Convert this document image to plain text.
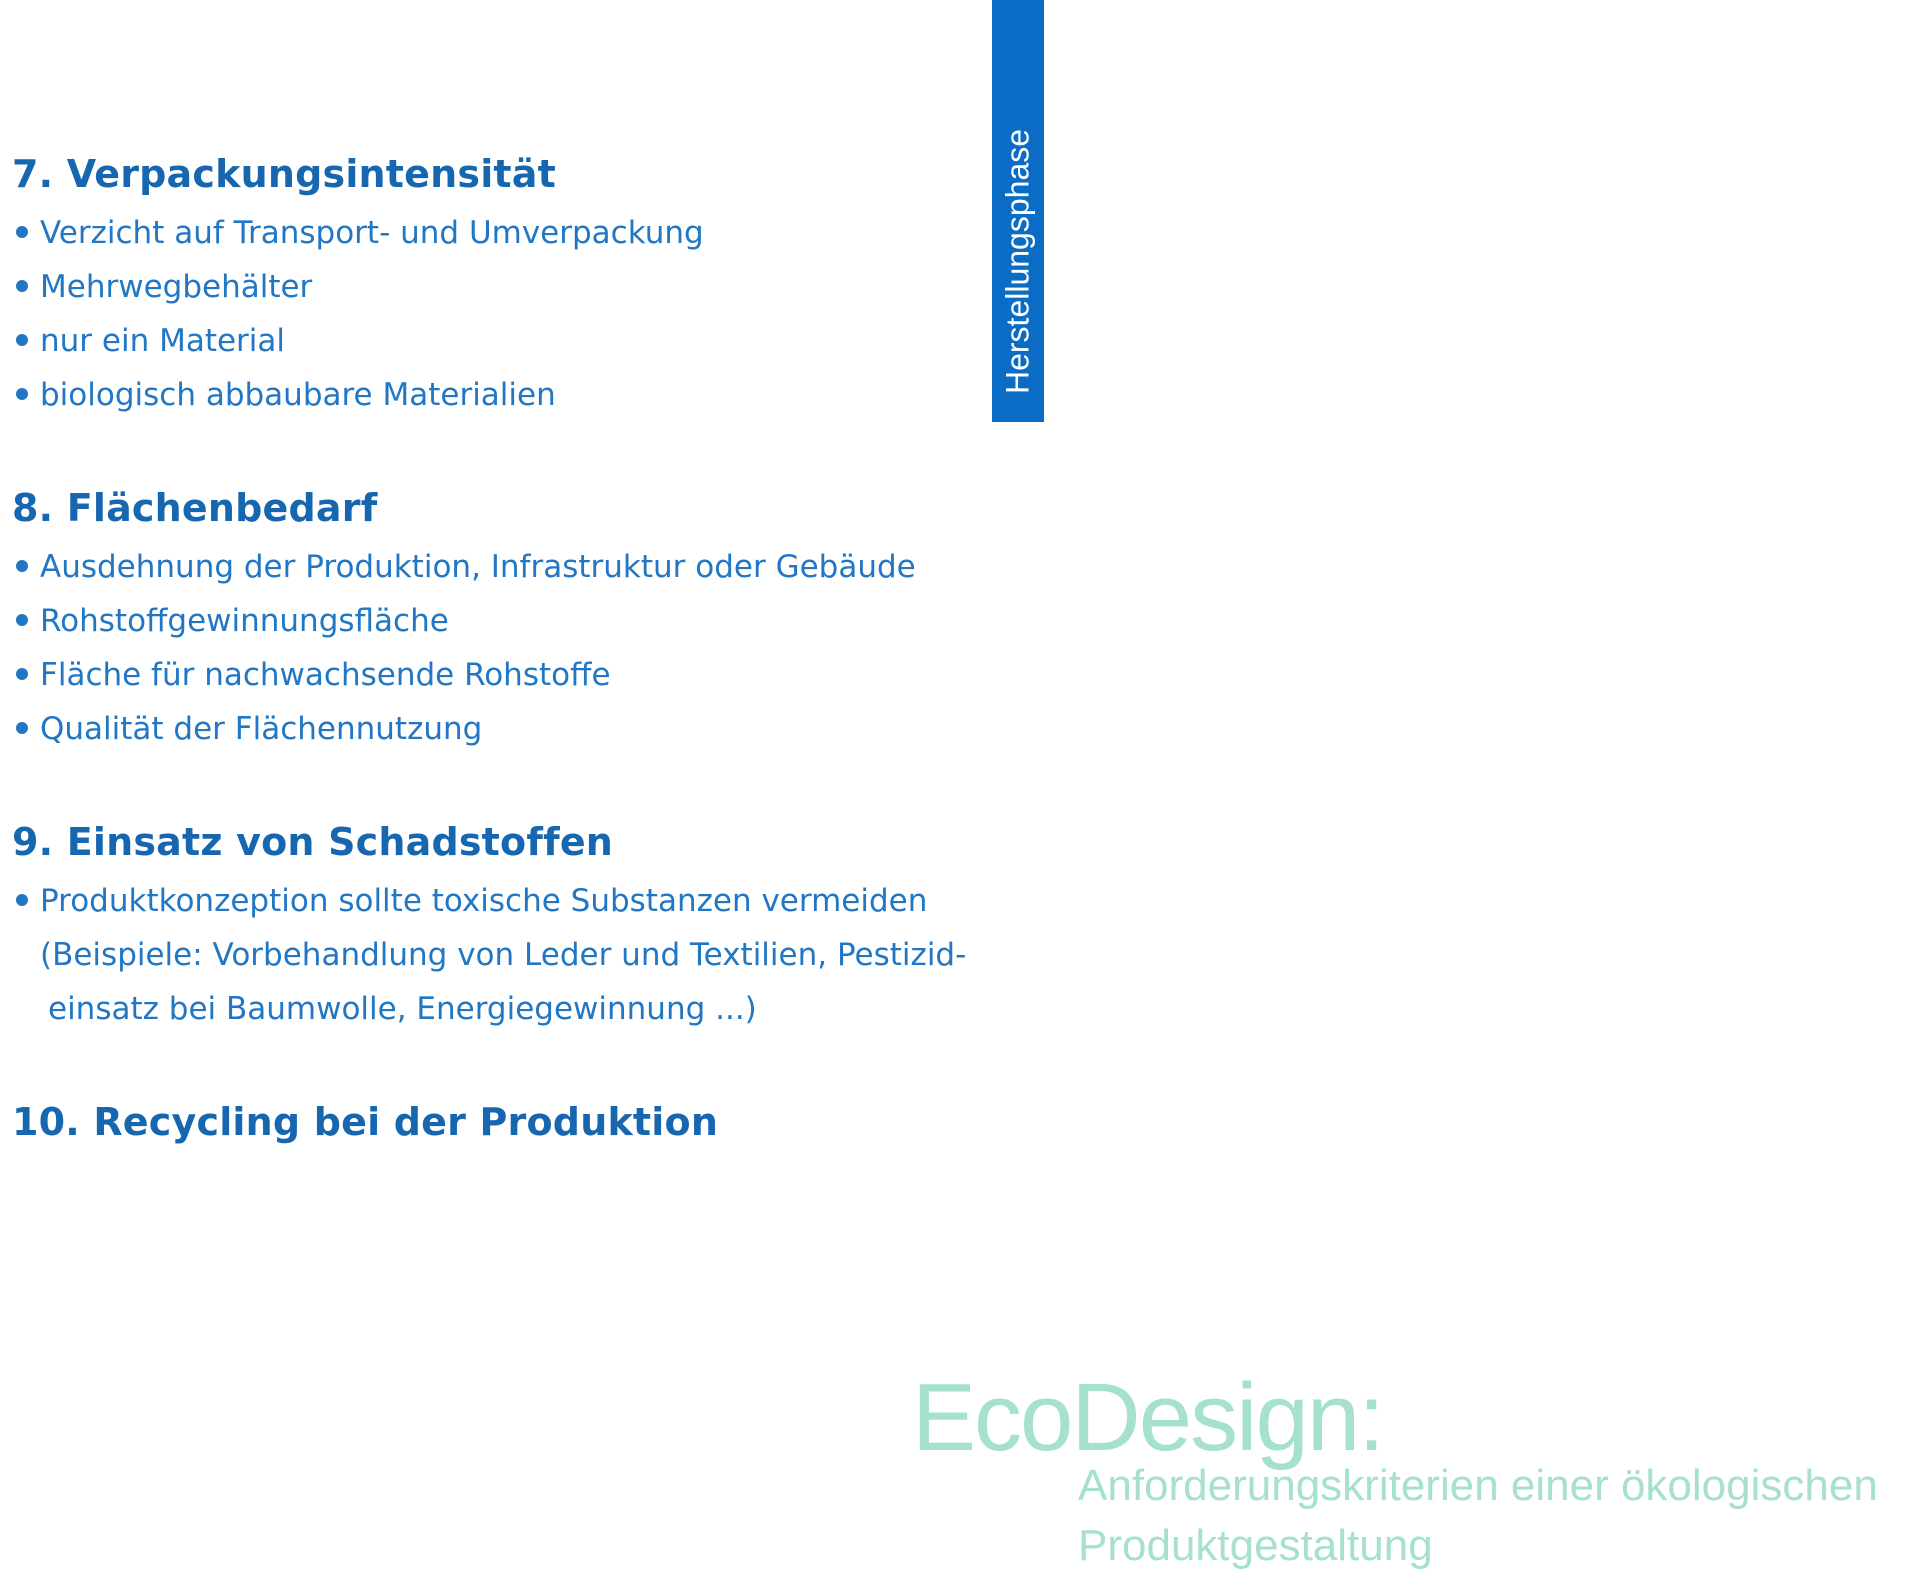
Herstellungsphase
7. Verpackungsintensität
Verzicht auf Transport- und Umverpackung
Mehrwegbehälter
nur ein Material
biologisch abbaubare Materialien
8. Flächenbedarf
Ausdehnung der Produktion, Infrastruktur oder Gebäude
Rohstoffgewinnungsfläche
Fläche für nachwachsende Rohstoffe
Qualität der Flächennutzung
9. Einsatz von Schadstoffen
Produktkonzeption sollte toxische Substanzen vermeiden
(Beispiele: Vorbehandlung von Leder und Textilien, Pestizid-
einsatz bei Baumwolle, Energiegewinnung ...)
10. Recycling bei der Produktion
EcoDesign:
Anforderungskriterien einer ökologischen
Produktgestaltung
